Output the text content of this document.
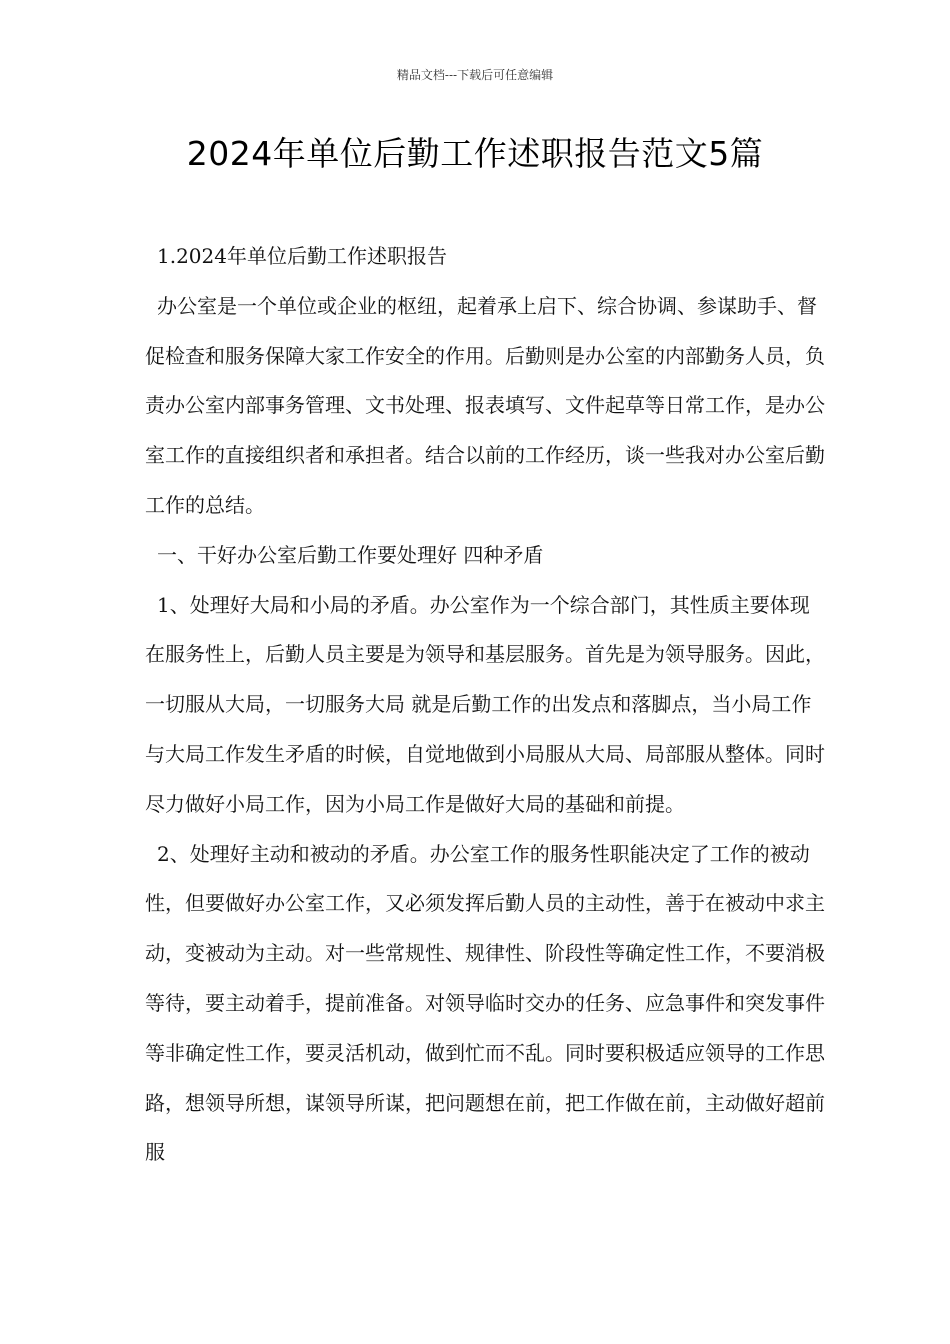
精品文档---下载后可任意编辑
2024年单位后勤工作述职报告范文5篇

1.2024年单位后勤工作述职报告

办公室是一个单位或企业的枢纽，起着承上启下、综合协调、参谋助手、督促检查和服务保障大家工作安全的作用。后勤则是办公室的内部勤务人员，负责办公室内部事务管理、文书处理、报表填写、文件起草等日常工作，是办公室工作的直接组织者和承担者。结合以前的工作经历，谈一些我对办公室后勤工作的总结。

一、干好办公室后勤工作要处理好 四种矛盾

1、处理好大局和小局的矛盾。办公室作为一个综合部门，其性质主要体现在服务性上，后勤人员主要是为领导和基层服务。首先是为领导服务。因此， 一切服从大局，一切服务大局 就是后勤工作的出发点和落脚点，当小局工作与大局工作发生矛盾的时候，自觉地做到小局服从大局、局部服从整体。同时尽力做好小局工作，因为小局工作是做好大局的基础和前提。

2、处理好主动和被动的矛盾。办公室工作的服务性职能决定了工作的被动性，但要做好办公室工作，又必须发挥后勤人员的主动性，善于在被动中求主动，变被动为主动。对一些常规性、规律性、阶段性等确定性工作，不要消极等待，要主动着手，提前准备。对领导临时交办的任务、应急事件和突发事件等非确定性工作，要灵活机动，做到忙而不乱。同时要积极适应领导的工作思路，想领导所想，谋领导所谋，把问题想在前，把工作做在前，主动做好超前服
